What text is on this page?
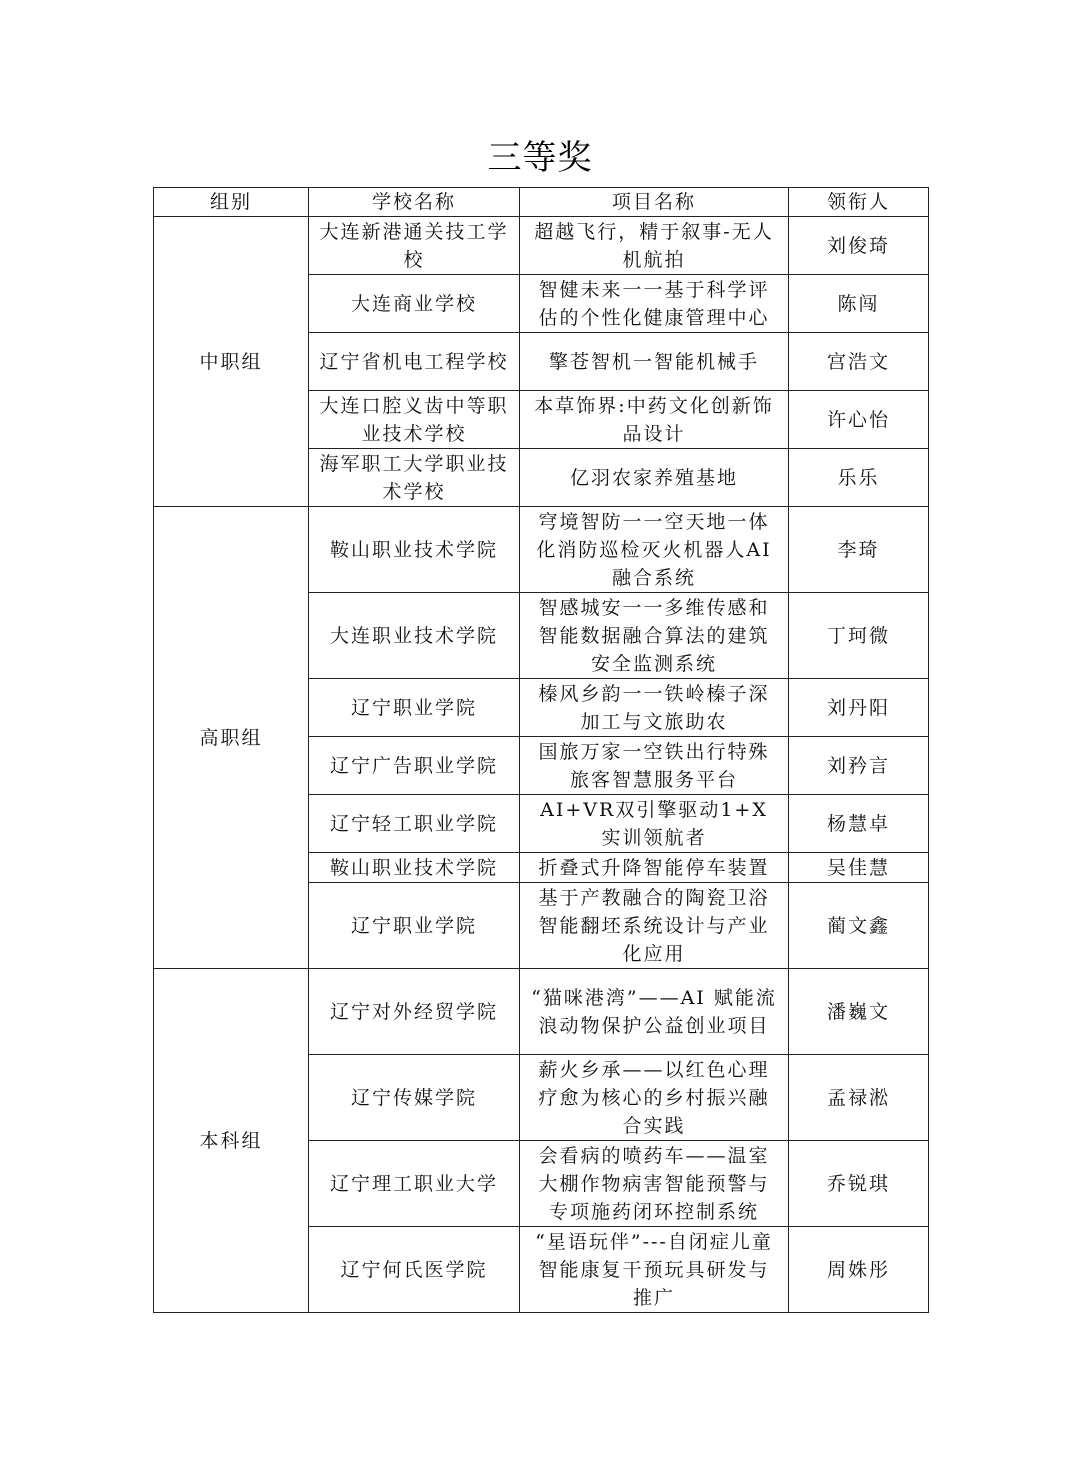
三等奖
组别	学校名称	项目名称	领衔人
中职组	大连新港通关技工学校	超越飞行，精于叙事-无人机航拍	刘俊琦
	大连商业学校	智健未来一一基于科学评估的个性化健康管理中心	陈闯
	辽宁省机电工程学校	擎苍智机一智能机械手	宫浩文
	大连口腔义齿中等职业技术学校	本草饰界:中药文化创新饰品设计	许心怡
	海军职工大学职业技术学校	亿羽农家养殖基地	乐乐
高职组	鞍山职业技术学院	穹境智防一一空天地一体化消防巡检灭火机器人AI融合系统	李琦
	大连职业技术学院	智感城安一一多维传感和智能数据融合算法的建筑安全监测系统	丁珂微
	辽宁职业学院	榛风乡韵一一铁岭榛子深加工与文旅助农	刘丹阳
	辽宁广告职业学院	国旅万家一空铁出行特殊旅客智慧服务平台	刘矜言
	辽宁轻工职业学院	AI+VR双引擎驱动1+X实训领航者	杨慧卓
	鞍山职业技术学院	折叠式升降智能停车装置	吴佳慧
	辽宁职业学院	基于产教融合的陶瓷卫浴智能翻坯系统设计与产业化应用	蔺文鑫
本科组	辽宁对外经贸学院	“猫咪港湾”——AI 赋能流浪动物保护公益创业项目	潘巍文
	辽宁传媒学院	薪火乡承——以红色心理疗愈为核心的乡村振兴融合实践	孟禄淞
	辽宁理工职业大学	会看病的喷药车——温室大棚作物病害智能预警与专项施药闭环控制系统	乔锐琪
	辽宁何氏医学院	“星语玩伴”---自闭症儿童智能康复干预玩具研发与推广	周姝彤
